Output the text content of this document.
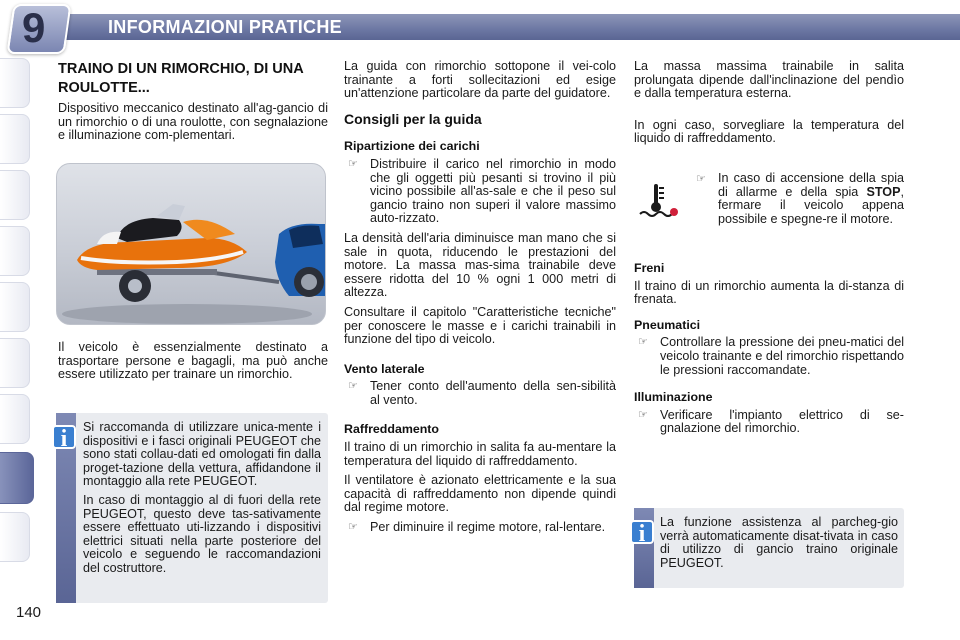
9	INFORMAZIONI PRATICHE
TRAINO DI UN RIMORCHIO, DI UNA ROULOTTE...

Dispositivo meccanico destinato all'ag-gancio di un rimorchio o di una roulotte, con segnalazione e illuminazione com-plementari.

Il veicolo è essenzialmente destinato a trasportare persone e bagagli, ma può anche essere utilizzato per trainare un rimorchio.

Si raccomanda di utilizzare unica-mente i dispositivi e i fasci originali PEUGEOT che sono stati collau-dati ed omologati fin dalla proget-tazione della vettura, affidandone il montaggio alla rete PEUGEOT.

In caso di montaggio al di fuori della rete PEUGEOT, questo deve tas-sativamente essere effettuato uti-lizzando i dispositivi elettrici situati nella parte posteriore del veicolo e seguendo le raccomandazioni del costruttore.

i

La guida con rimorchio sottopone il vei-colo trainante a forti sollecitazioni ed esige un'attenzione particolare da parte del guidatore.

Consigli per la guida
Ripartizione dei carichi
☞ Distribuire il carico nel rimorchio in modo che gli oggetti più pesanti si trovino il più vicino possibile all'as-sale e che il peso sul gancio traino non superi il valore massimo auto-rizzato.

La densità dell'aria diminuisce man mano che si sale in quota, riducendo le prestazioni del motore. La massa mas-sima trainabile deve essere ridotta del 10 % ogni 1 000 metri di altezza.

Consultare il capitolo "Caratteristiche tecniche" per conoscere le masse e i carichi trainabili in funzione del tipo di veicolo.

Vento laterale
☞ Tener conto dell'aumento della sen-sibilità al vento.
Raffreddamento

Il traino di un rimorchio in salita fa au-mentare la temperatura del liquido di raffreddamento.

Il ventilatore è azionato elettricamente e la sua capacità di raffreddamento non dipende quindi dal regime motore.

☞ Per diminuire il regime motore, ral-lentare.

La massa massima trainabile in salita prolungata dipende dall'inclinazione del pendìo e dalla temperatura esterna.

In ogni caso, sorvegliare la temperatura del liquido di raffreddamento.

☞ In caso di accensione della spia di allarme e della spia STOP, fermare il veicolo appena possibile e spegne-re il motore.
Freni

Il traino di un rimorchio aumenta la di-stanza di frenata.

Pneumatici
☞ Controllare la pressione dei pneu-matici del veicolo trainante e del rimorchio rispettando le pressioni raccomandate.
Illuminazione
☞ Verificare l'impianto elettrico di se-gnalazione del rimorchio.

La funzione assistenza al parcheg-gio verrà automaticamente disat-tivata in caso di utilizzo di gancio traino originale PEUGEOT.

i
140
